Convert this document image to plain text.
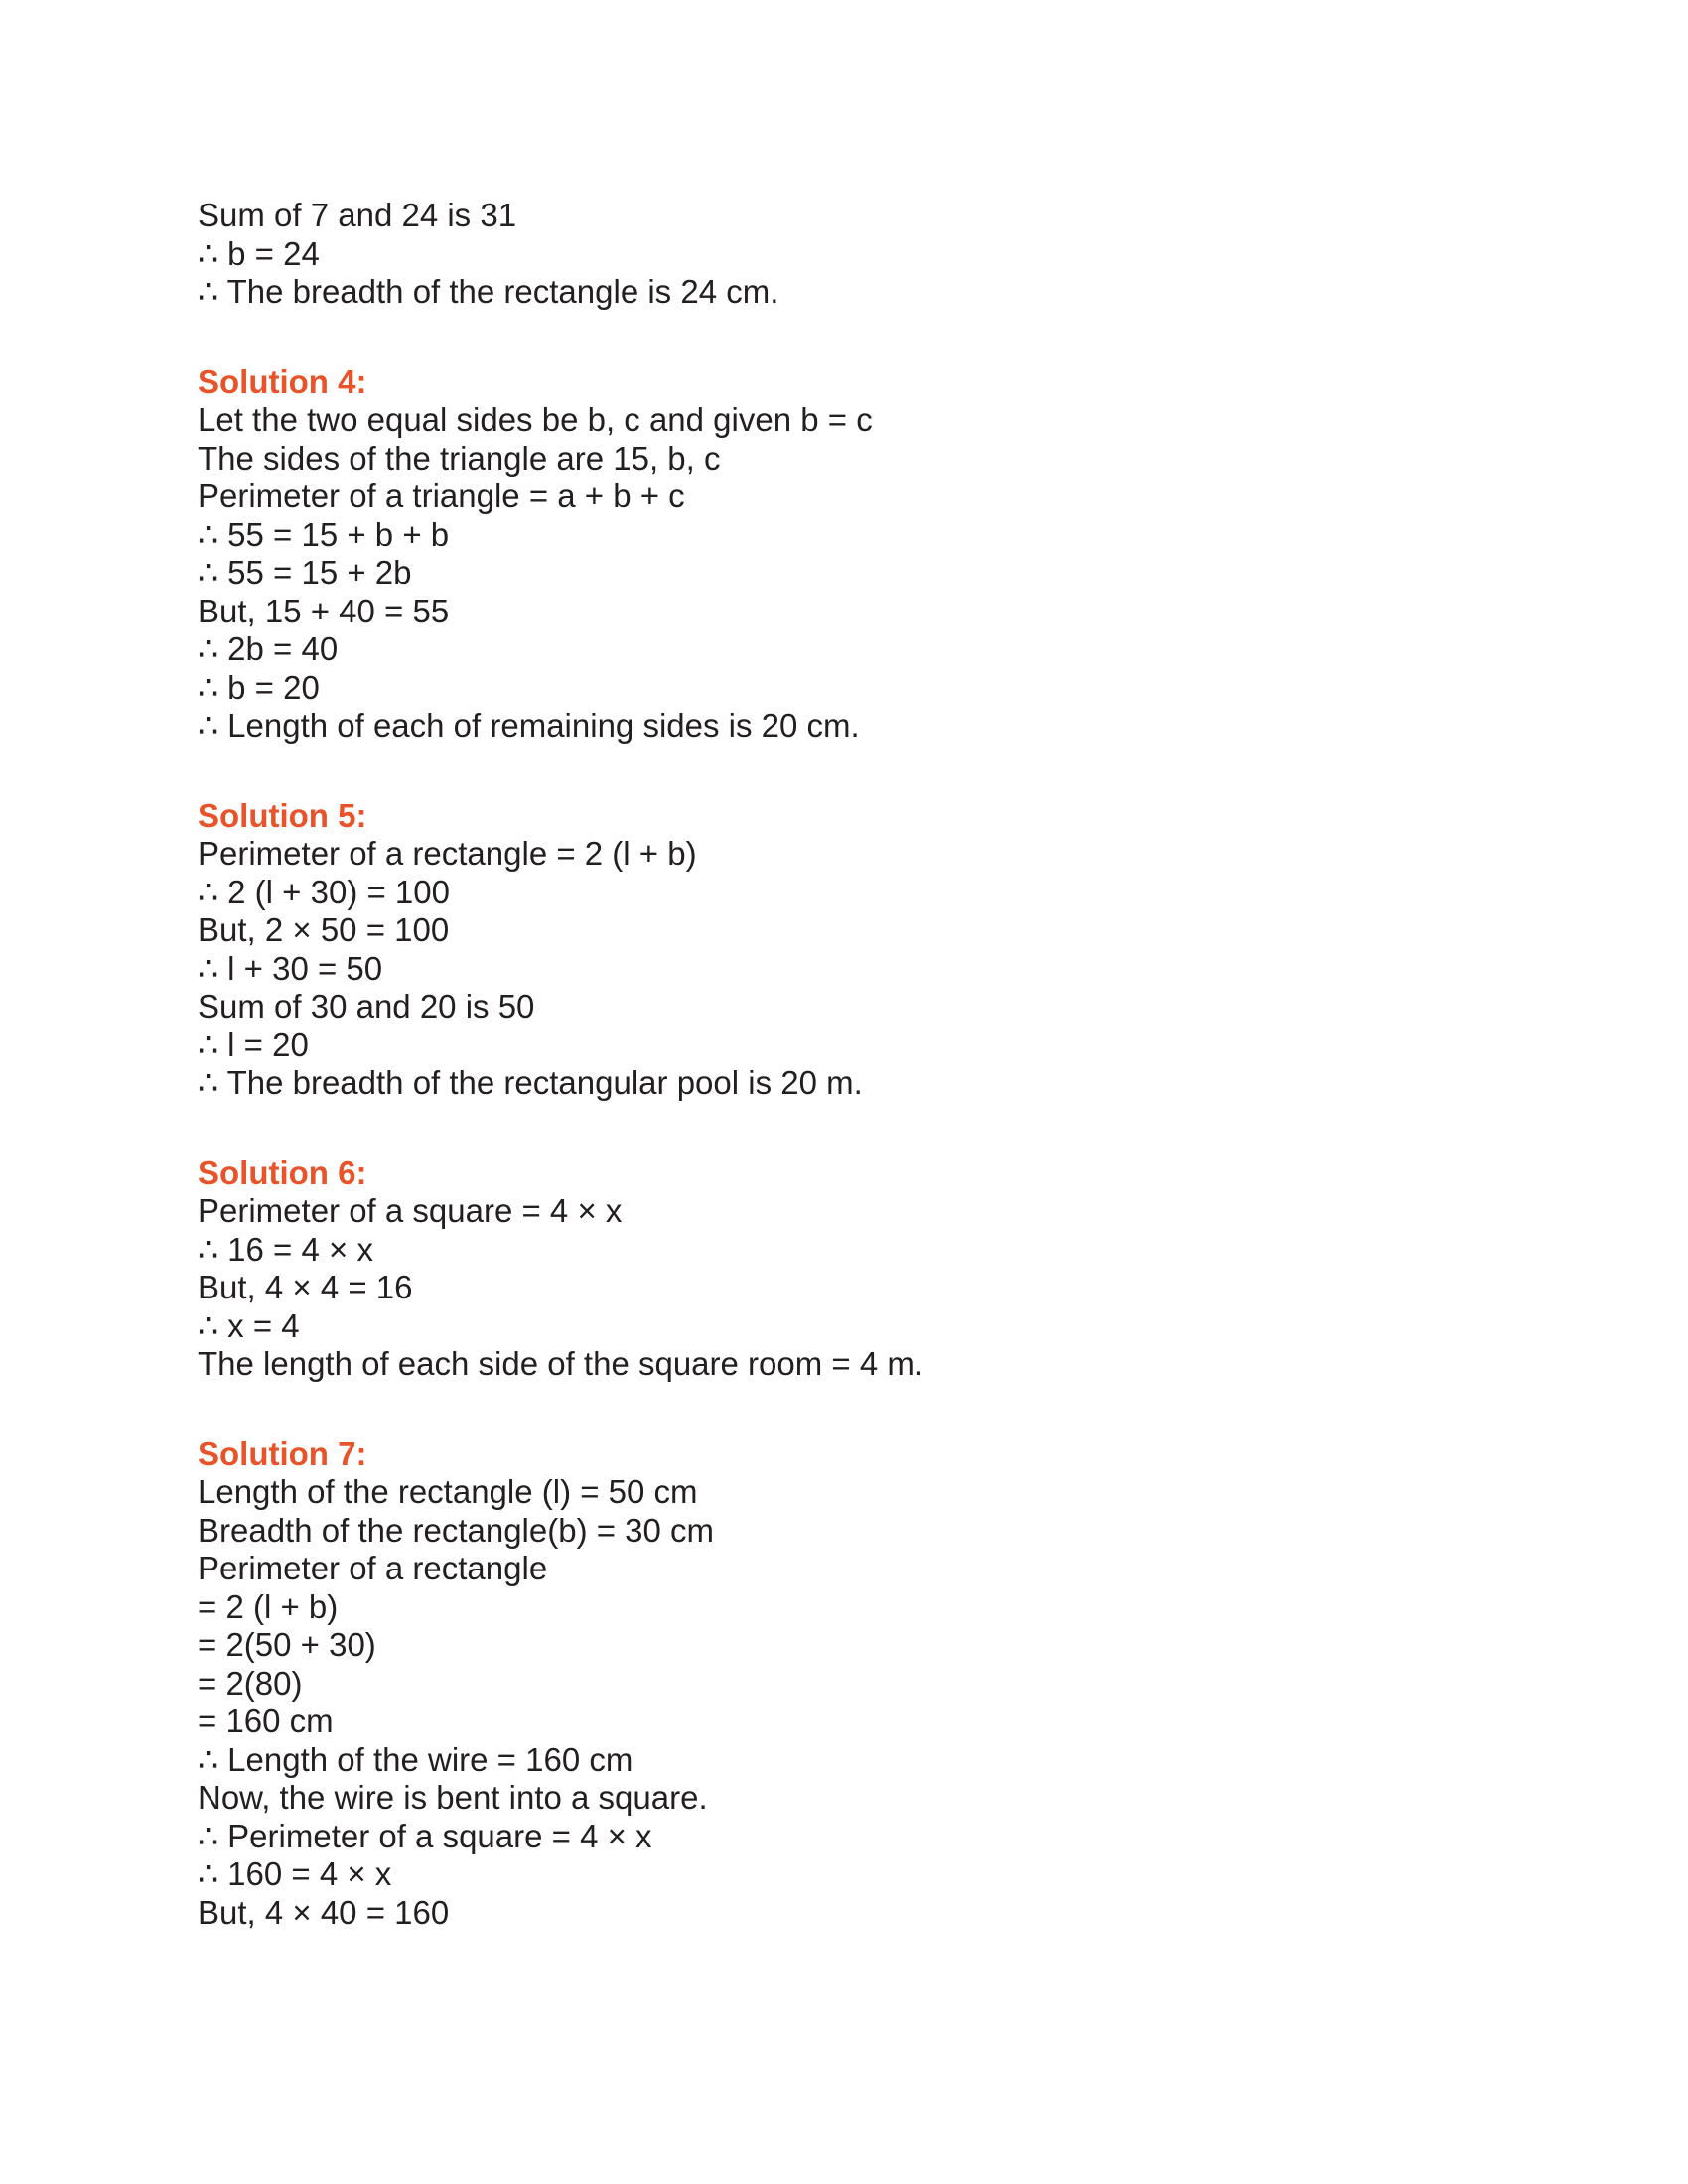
Sum of 7 and 24 is 31

∴ b = 24

∴ The breadth of the rectangle is 24 cm.

Solution 4:

Let the two equal sides be b, c and given b = c

The sides of the triangle are 15, b, c

Perimeter of a triangle = a + b + c

∴ 55 = 15 + b + b

∴ 55 = 15 + 2b

But, 15 + 40 = 55

∴ 2b = 40

∴ b = 20

∴ Length of each of remaining sides is 20 cm.

Solution 5:

Perimeter of a rectangle = 2 (l + b)

∴ 2 (l + 30) = 100

But, 2 × 50 = 100

∴ l + 30 = 50

Sum of 30 and 20 is 50

∴ l = 20

∴ The breadth of the rectangular pool is 20 m.

Solution 6:

Perimeter of a square = 4 × x

∴ 16 = 4 × x

But, 4 × 4 = 16

∴ x = 4

The length of each side of the square room = 4 m.

Solution 7:

Length of the rectangle (l) = 50 cm

Breadth of the rectangle(b) = 30 cm

Perimeter of a rectangle

= 2 (l + b)

= 2(50 + 30)

= 2(80)

= 160 cm

∴ Length of the wire = 160 cm

Now, the wire is bent into a square.

∴ Perimeter of a square = 4 × x

∴ 160 = 4 × x

But, 4 × 40 = 160
